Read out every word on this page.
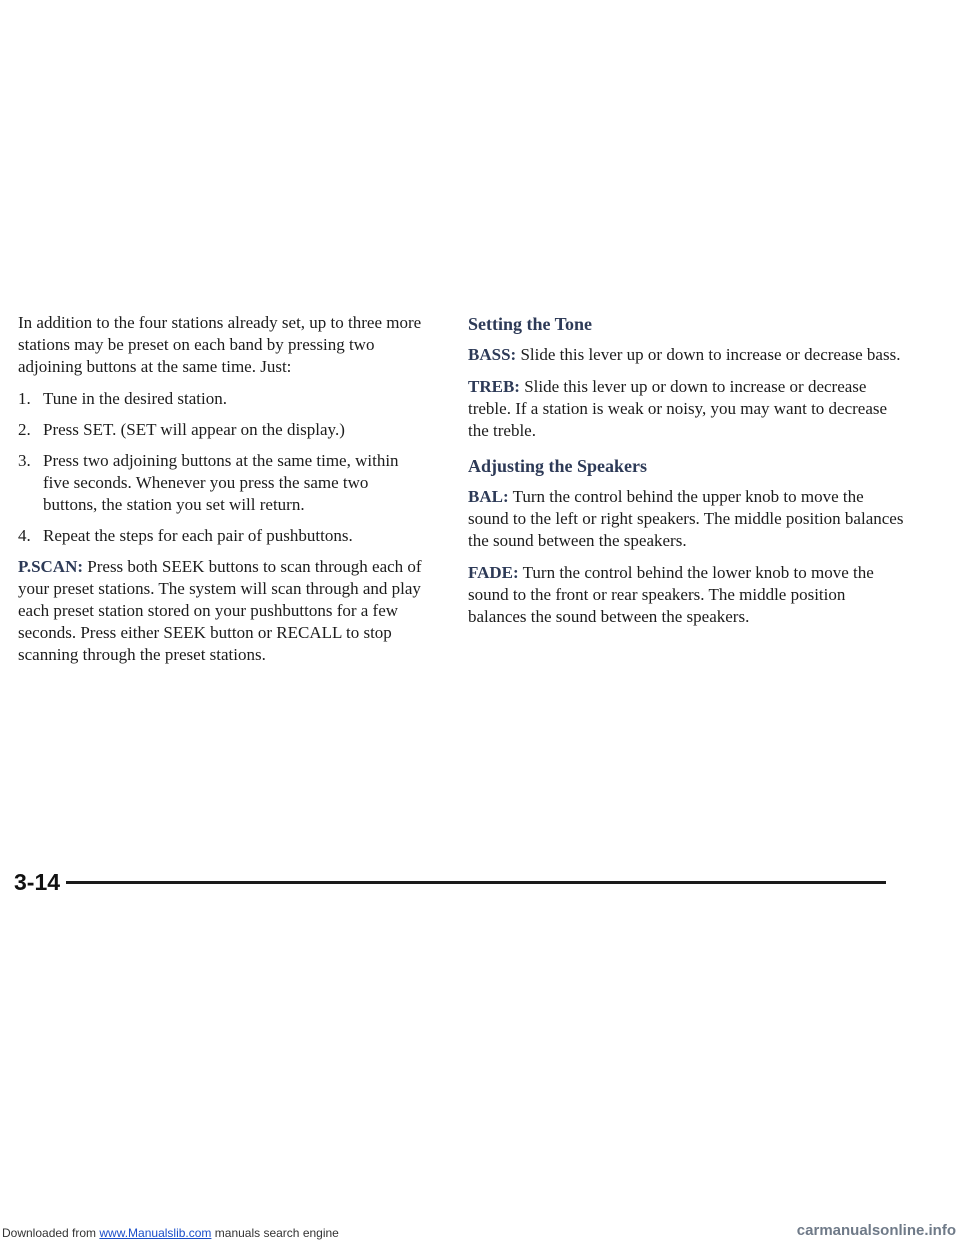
In addition to the four stations already set, up to three more stations may be preset on each band by pressing two adjoining buttons at the same time. Just:

1. Tune in the desired station.
2. Press SET. (SET will appear on the display.)
3. Press two adjoining buttons at the same time, within five seconds. Whenever you press the same two buttons, the station you set will return.
4. Repeat the steps for each pair of pushbuttons.

P.SCAN: Press both SEEK buttons to scan through each of your preset stations. The system will scan through and play each preset station stored on your pushbuttons for a few seconds. Press either SEEK button or RECALL to stop scanning through the preset stations.

Setting the Tone

BASS: Slide this lever up or down to increase or decrease bass.

TREB: Slide this lever up or down to increase or decrease treble. If a station is weak or noisy, you may want to decrease the treble.

Adjusting the Speakers

BAL: Turn the control behind the upper knob to move the sound to the left or right speakers. The middle position balances the sound between the speakers.

FADE: Turn the control behind the lower knob to move the sound to the front or rear speakers. The middle position balances the sound between the speakers.

3-14
Downloaded from www.Manualslib.com manuals search engine	carmanualsonline.info
